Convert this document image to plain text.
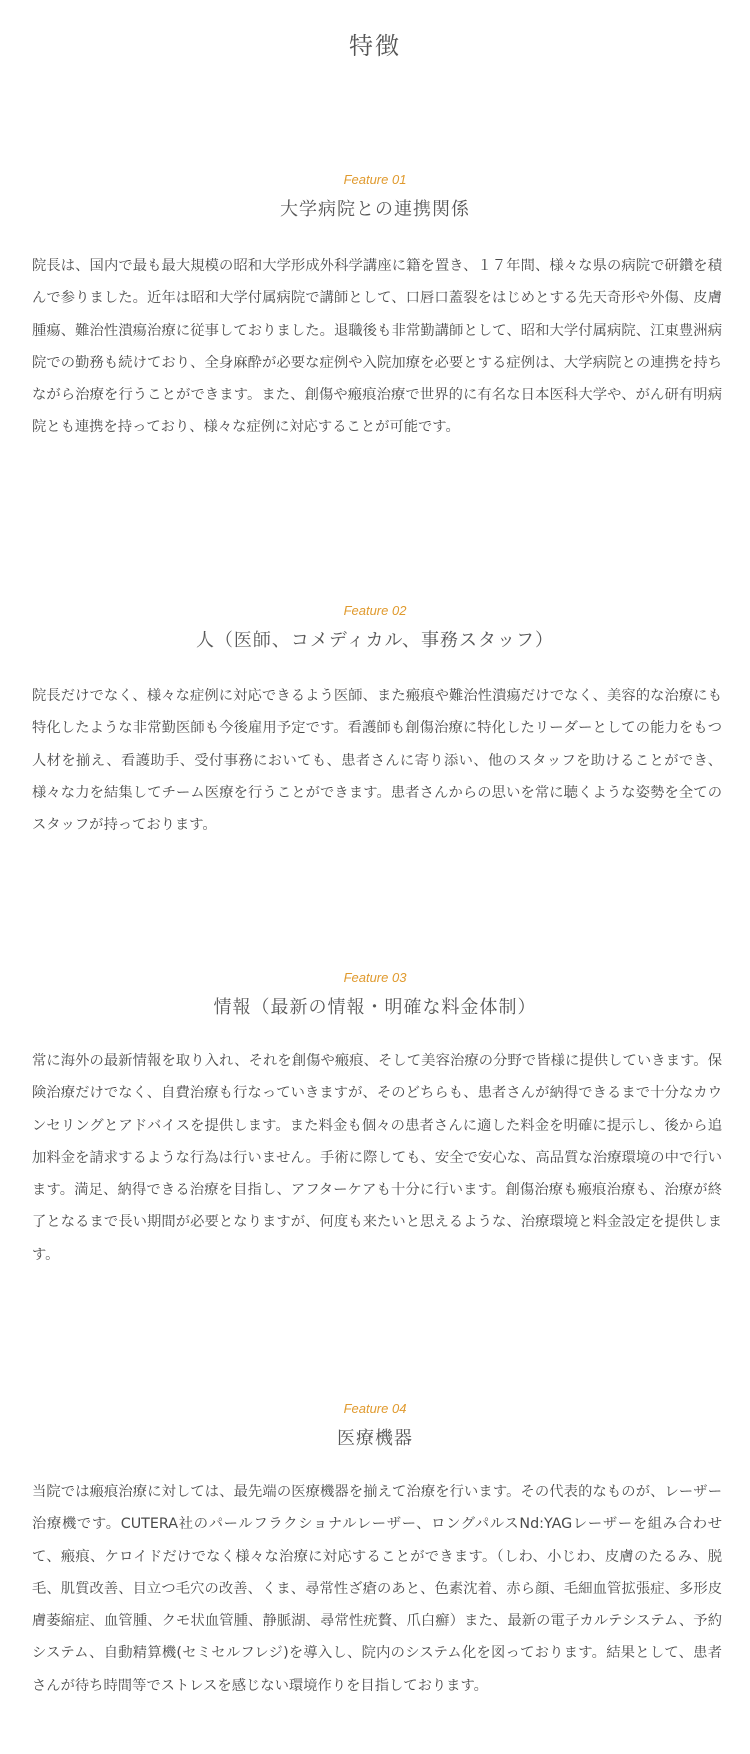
特徴
Feature 01
大学病院との連携関係

院長は、国内で最も最大規模の昭和大学形成外科学講座に籍を置き、１７年間、様々な県の病院で研鑽を積んで参りました。近年は昭和大学付属病院で講師として、口唇口蓋裂をはじめとする先天奇形や外傷、皮膚腫瘍、難治性潰瘍治療に従事しておりました。退職後も非常勤講師として、昭和大学付属病院、江東豊洲病院での勤務も続けており、全身麻酔が必要な症例や入院加療を必要とする症例は、大学病院との連携を持ちながら治療を行うことができます。また、創傷や瘢痕治療で世界的に有名な日本医科大学や、がん研有明病院とも連携を持っており、様々な症例に対応することが可能です。

Feature 02
人（医師、コメディカル、事務スタッフ）

院長だけでなく、様々な症例に対応できるよう医師、また瘢痕や難治性潰瘍だけでなく、美容的な治療にも特化したような非常勤医師も今後雇用予定です。看護師も創傷治療に特化したリーダーとしての能力をもつ人材を揃え、看護助手、受付事務においても、患者さんに寄り添い、他のスタッフを助けることができ、様々な力を結集してチーム医療を行うことができます。患者さんからの思いを常に聴くような姿勢を全てのスタッフが持っております。

Feature 03
情報（最新の情報・明確な料金体制）

常に海外の最新情報を取り入れ、それを創傷や瘢痕、そして美容治療の分野で皆様に提供していきます。保険治療だけでなく、自費治療も行なっていきますが、そのどちらも、患者さんが納得できるまで十分なカウンセリングとアドバイスを提供します。また料金も個々の患者さんに適した料金を明確に提示し、後から追加料金を請求するような行為は行いません。手術に際しても、安全で安心な、高品質な治療環境の中で行います。満足、納得できる治療を目指し、アフターケアも十分に行います。創傷治療も瘢痕治療も、治療が終了となるまで長い期間が必要となりますが、何度も来たいと思えるような、治療環境と料金設定を提供します。

Feature 04
医療機器

当院では瘢痕治療に対しては、最先端の医療機器を揃えて治療を行います。その代表的なものが、レーザー治療機です。CUTERA社のパールフラクショナルレーザー、ロングパルスNd:YAGレーザーを組み合わせて、瘢痕、ケロイドだけでなく様々な治療に対応することができます。（しわ、小じわ、皮膚のたるみ、脱毛、肌質改善、目立つ毛穴の改善、くま、尋常性ざ瘡のあと、色素沈着、赤ら顔、毛細血管拡張症、多形皮膚萎縮症、血管腫、クモ状血管腫、静脈湖、尋常性疣贅、爪白癬）また、最新の電子カルテシステム、予約システム、自動精算機(セミセルフレジ)を導入し、院内のシステム化を図っております。結果として、患者さんが待ち時間等でストレスを感じない環境作りを目指しております。
